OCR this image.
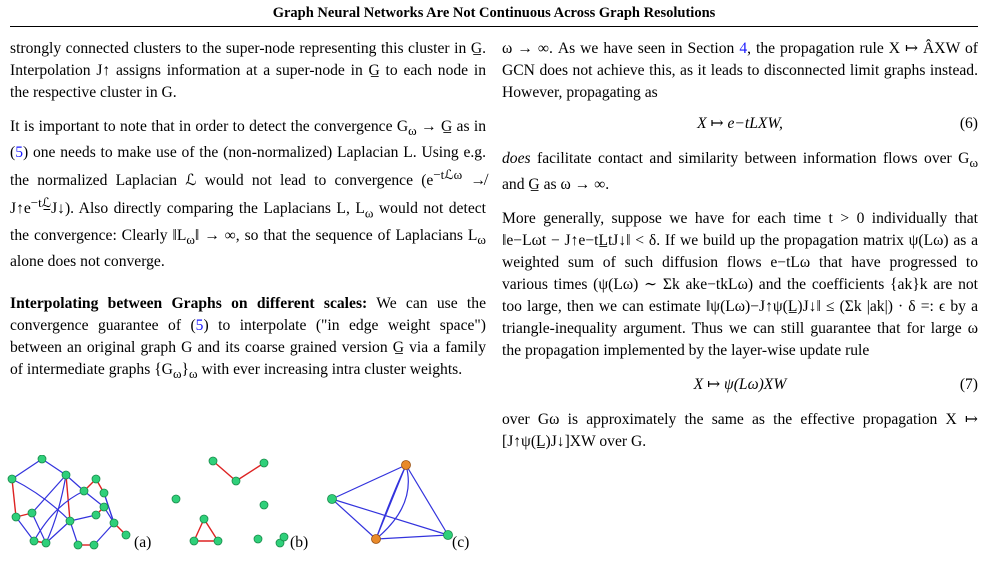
Graph Neural Networks Are Not Continuous Across Graph Resolutions

strongly connected clusters to the super-node representing this cluster in G̲. Interpolation J↑ assigns information at a super-node in G̲ to each node in the respective cluster in G.

It is important to note that in order to detect the convergence $G_\omega$ → G̲ as in (5) one needs to make use of the (non-normalized) Laplacian L. Using e.g. the normalized Laplacian ℒ would not lead to convergence ($e^{-tℒ\omega}$ ↛ $J↑e^{-tℒ̲}J↓$). Also directly comparing the Laplacians L, $L_\omega$ would not detect the convergence: Clearly $‖L_\omega‖$ → ∞, so that the sequence of Laplacians $L_\omega$ alone does not converge.

Interpolating between Graphs on different scales: We can use the convergence guarantee of (5) to interpolate ("in edge weight space") between an original graph G and its coarse grained version G̲ via a family of intermediate graphs $\{G_\omega\}_\omega$ with ever increasing intra cluster weights.

(a)	(b)	(c)

ω → ∞. As we have seen in Section 4, the propagation rule X ↦ ÂXW of GCN does not achieve this, as it leads to disconnected limit graphs instead. However, propagating as

X ↦ e−tLXW,	(6)

does facilitate contact and similarity between information flows over $G_\omega$ and G̲ as ω → ∞.

More generally, suppose we have for each time t > 0 individually that ‖e−Lωt − J↑e−tL̲tJ↓‖ < δ. If we build up the propagation matrix ψ(Lω) as a weighted sum of such diffusion flows e−tLω that have progressed to various times (ψ(Lω) ∼ Σk ake−tkLω) and the coefficients {ak}k are not too large, then we can estimate ‖ψ(Lω)−J↑ψ(L̲)J↓‖ ≤ (Σk |ak|) · δ =: ϵ by a triangle-inequality argument. Thus we can still guarantee that for large ω the propagation implemented by the layer-wise update rule

X ↦ ψ(Lω)XW	(7)

over Gω is approximately the same as the effective propagation X ↦ [J↑ψ(L̲)J↓]XW over G.
